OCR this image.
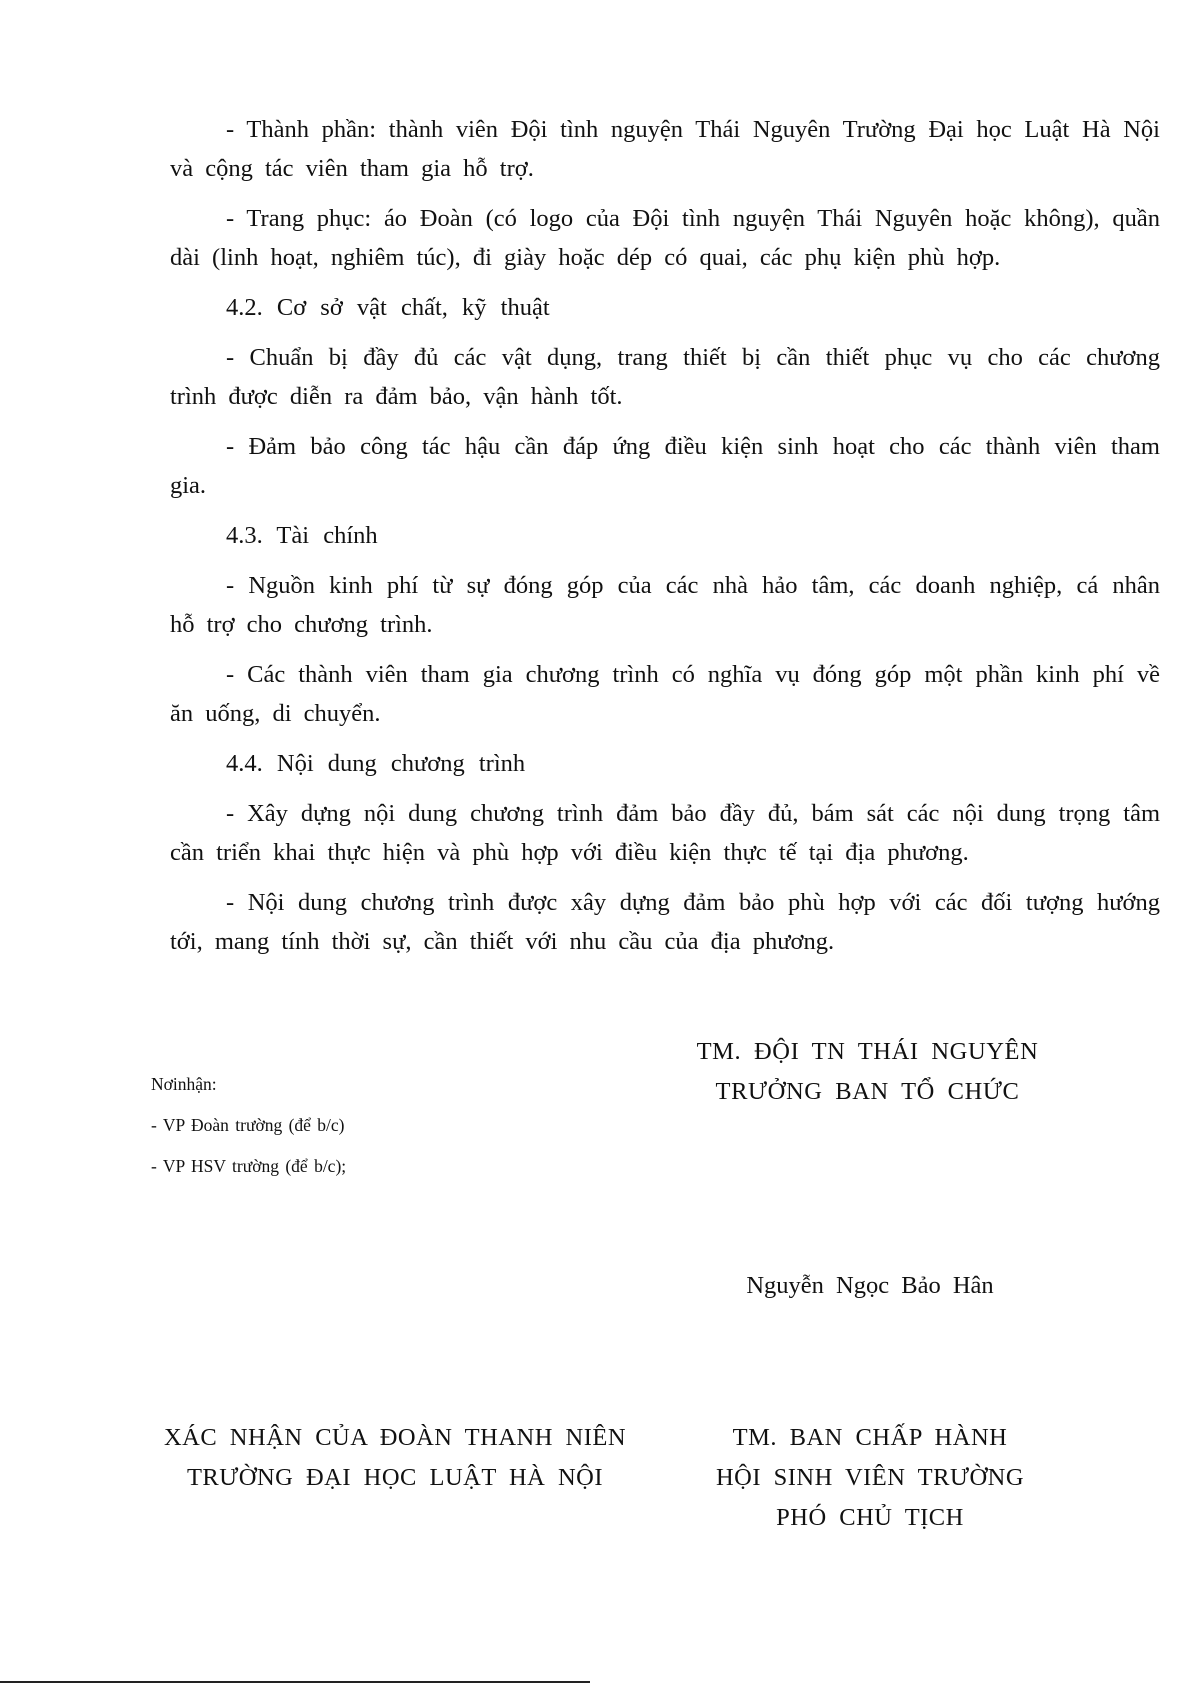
- Thành phần: thành viên Đội tình nguyện Thái Nguyên Trường Đại học Luật Hà Nội và cộng tác viên tham gia hỗ trợ.

- Trang phục: áo Đoàn (có logo của Đội tình nguyện Thái Nguyên hoặc không), quần dài (linh hoạt, nghiêm túc), đi giày hoặc dép có quai, các phụ kiện phù hợp.

4.2. Cơ sở vật chất, kỹ thuật

- Chuẩn bị đầy đủ các vật dụng, trang thiết bị cần thiết phục vụ cho các chương trình được diễn ra đảm bảo, vận hành tốt.

- Đảm bảo công tác hậu cần đáp ứng điều kiện sinh hoạt cho các thành viên tham gia.

4.3. Tài chính

- Nguồn kinh phí từ sự đóng góp của các nhà hảo tâm, các doanh nghiệp, cá nhân hỗ trợ cho chương trình.

- Các thành viên tham gia chương trình có nghĩa vụ đóng góp một phần kinh phí về ăn uống, di chuyển.

4.4. Nội dung chương trình

- Xây dựng nội dung chương trình đảm bảo đầy đủ, bám sát các nội dung trọng tâm cần triển khai thực hiện và phù hợp với điều kiện thực tế tại địa phương.

- Nội dung chương trình được xây dựng đảm bảo phù hợp với các đối tượng hướng tới, mang tính thời sự, cần thiết với nhu cầu của địa phương.

TM. ĐỘI TN THÁI NGUYÊN
TRƯỞNG BAN TỔ CHỨC
Nơinhận:
- VP Đoàn trường (để b/c)
- VP HSV trường (để b/c);
Nguyễn Ngọc Bảo Hân
XÁC NHẬN CỦA ĐOÀN THANH NIÊN
TRƯỜNG ĐẠI HỌC LUẬT HÀ NỘI
TM. BAN CHẤP HÀNH
HỘI SINH VIÊN TRƯỜNG
PHÓ CHỦ TỊCH
